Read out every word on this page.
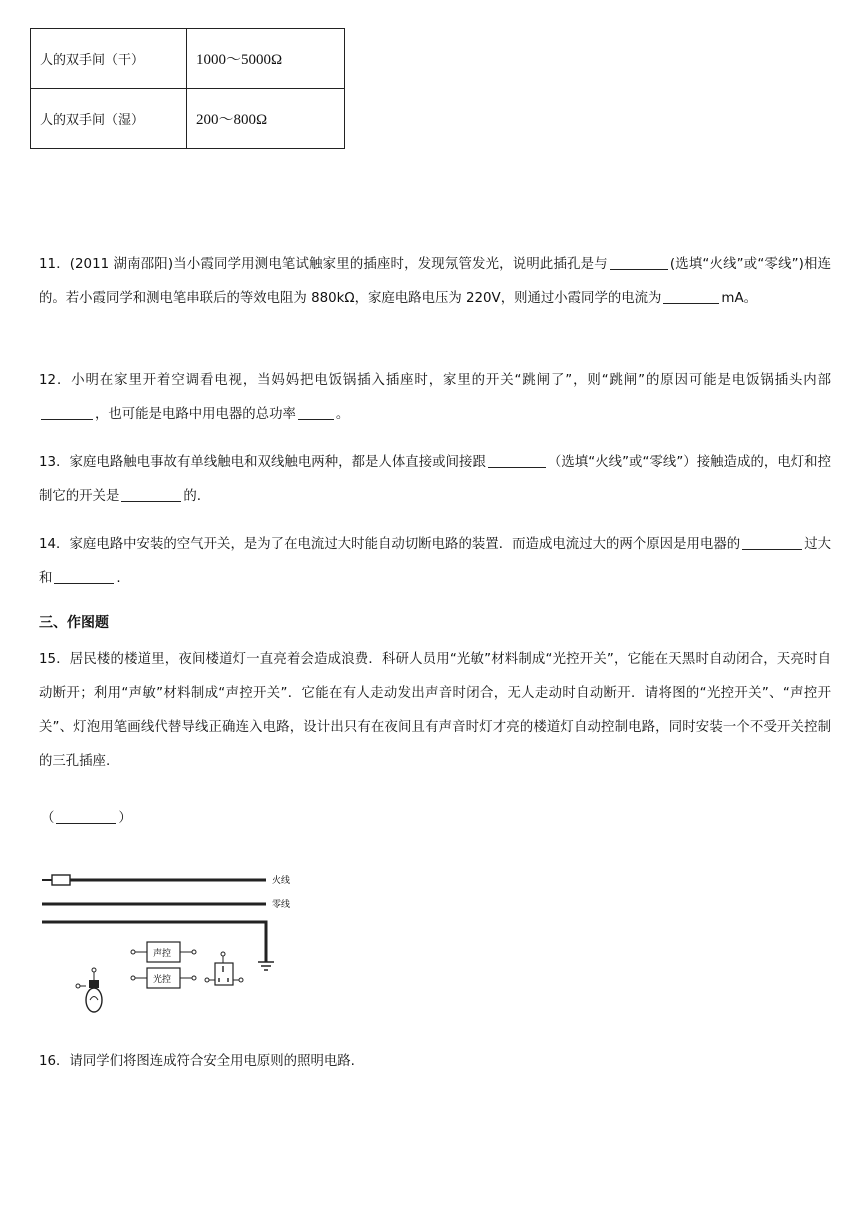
人的双手间（干）	1000～5000Ω
人的双手间（湿）	200～800Ω
11．(2011 湖南邵阳)当小霞同学用测电笔试触家里的插座时，发现氖管发光，说明此插孔是与	(选填“火线”或“零线”)相连的。若小霞同学和测电笔串联后的等效电阻为 880kΩ，家庭电路电压为 220V，则通过小霞同学的电流为	mA。
12．小明在家里开着空调看电视，当妈妈把电饭锅插入插座时，家里的开关“跳闸了”，则“跳闸”的原因可能是电饭锅插头内部，也可能是电路中用电器的总功率	。
13．家庭电路触电事故有单线触电和双线触电两种，都是人体直接或间接跟	（选填“火线”或“零线”）接触造成的，电灯和控制它的开关是	的.
14．家庭电路中安装的空气开关，是为了在电流过大时能自动切断电路的装置．而造成电流过大的两个原因是用电器的	过大和	.
三、作图题
15．居民楼的楼道里，夜间楼道灯一直亮着会造成浪费．科研人员用“光敏”材料制成“光控开关”，它能在天黑时自动闭合，天亮时自动断开；利用“声敏”材料制成“声控开关”．它能在有人走动发出声音时闭合，无人走动时自动断开．请将图的“光控开关”、“声控开关”、灯泡用笔画线代替导线正确连入电路，设计出只有在夜间且有声音时灯才亮的楼道灯自动控制电路，同时安装一个不受开关控制的三孔插座.
（	）
火线
零线
声控
光控
16．请同学们将图连成符合安全用电原则的照明电路.
